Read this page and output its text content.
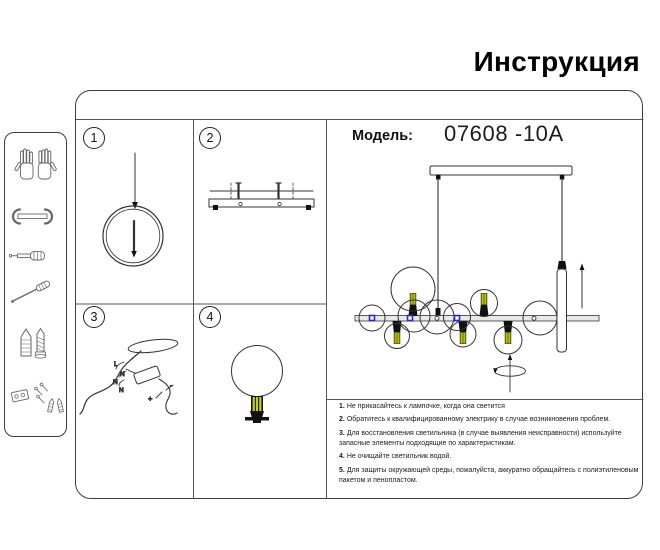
Инструкция
1	2
3	4
Модель: 07608 -10A
1. Не прикасайтесь к лампочке, когда она светится
2. Обратитесь к квалифицированному электрику в случае возникновения проблем.
3. Для восстановления светильника (в случае выявления неисправности) используйте запасные элементы подходящие по характеристикам.
4. Не очищайте светильник водой.
5. Для защиты окружающей среды, пожалуйста, аккуратно обращайтесь с полиэтиленовым пакетом и пенопластом.
L
N
N
N
+
-
